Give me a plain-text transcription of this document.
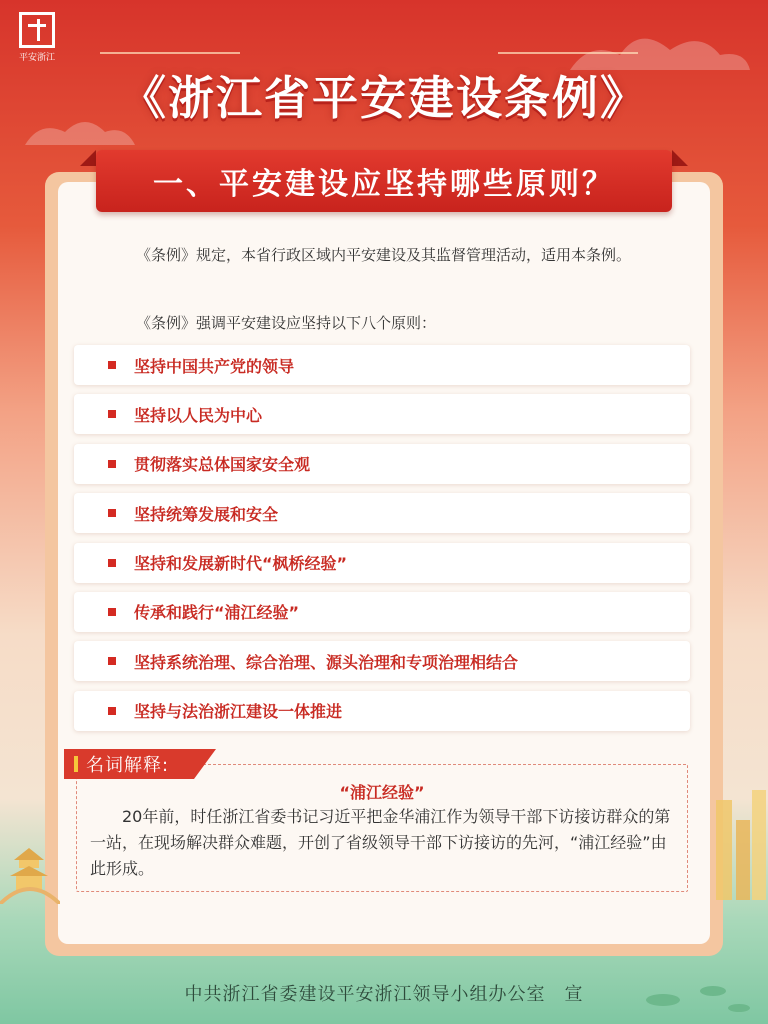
平安浙江
《浙江省平安建设条例》
一、平安建设应坚持哪些原则？

《条例》规定，本省行政区域内平安建设及其监督管理活动，适用本条例。

《条例》强调平安建设应坚持以下八个原则：

坚持中国共产党的领导
坚持以人民为中心
贯彻落实总体国家安全观
坚持统筹发展和安全
坚持和发展新时代“枫桥经验”
传承和践行“浦江经验”
坚持系统治理、综合治理、源头治理和专项治理相结合
坚持与法治浙江建设一体推进
名词解释:
“浦江经验”

20年前，时任浙江省委书记习近平把金华浦江作为领导干部下访接访群众的第一站，在现场解决群众难题，开创了省级领导干部下访接访的先河，“浦江经验”由此形成。

中共浙江省委建设平安浙江领导小组办公室　宣
